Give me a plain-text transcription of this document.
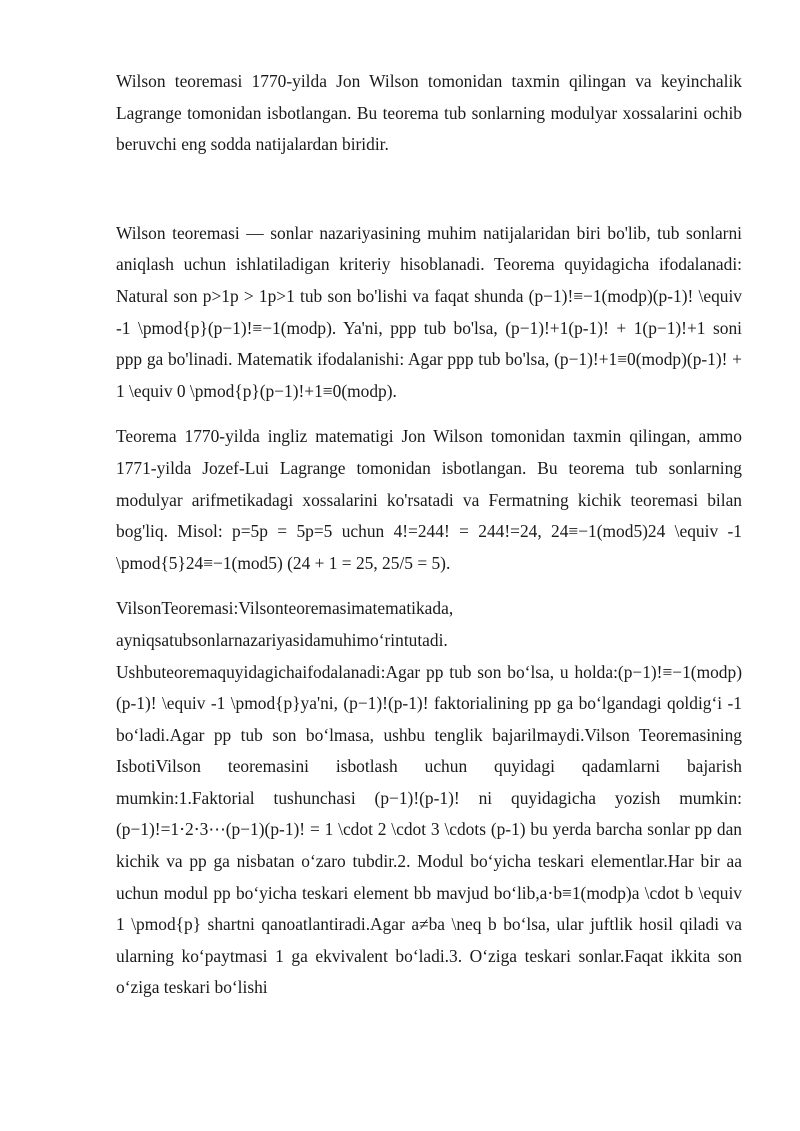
Wilson teoremasi 1770-yilda Jon Wilson tomonidan taxmin qilingan va keyinchalik Lagrange tomonidan isbotlangan. Bu teorema tub sonlarning modulyar xossalarini ochib beruvchi eng sodda natijalardan biridir.

Wilson teoremasi — sonlar nazariyasining muhim natijalaridan biri bo'lib, tub sonlarni aniqlash uchun ishlatiladigan kriteriy hisoblanadi. Teorema quyidagicha ifodalanadi: Natural son p>1p > 1p>1 tub son bo'lishi va faqat shunda (p−1)!≡−1(modp)(p-1)! \equiv -1 \pmod{p}(p−1)!≡−1(modp). Ya'ni, ppp tub bo'lsa, (p−1)!+1(p-1)! + 1(p−1)!+1 soni ppp ga bo'linadi. Matematik ifodalanishi: Agar ppp tub bo'lsa, (p−1)!+1≡0(modp)(p-1)! + 1 \equiv 0 \pmod{p}(p−1)!+1≡0(modp).

Teorema 1770-yilda ingliz matematigi Jon Wilson tomonidan taxmin qilingan, ammo 1771-yilda Jozef-Lui Lagrange tomonidan isbotlangan. Bu teorema tub sonlarning modulyar arifmetikadagi xossalarini ko'rsatadi va Fermatning kichik teoremasi bilan bog'liq. Misol: p=5p = 5p=5 uchun 4!=244! = 244!=24, 24≡−1(mod5)24 \equiv -1 \pmod{5}24≡−1(mod5) (24 + 1 = 25, 25/5 = 5).

VilsonTeoremasi:Vilsonteoremasimatematikada,
ayniqsatubsonlarnazariyasidamuhimo‘rintutadi.

Ushbuteoremaquyidagichaifodalanadi:Agar pp tub son bo‘lsa, u holda:(p−1)!≡−1(modp)(p-1)! \equiv -1 \pmod{p}ya'ni, (p−1)!(p-1)! faktorialining pp ga bo‘lgandagi qoldig‘i -1 bo‘ladi.Agar pp tub son bo‘lmasa, ushbu tenglik bajarilmaydi.Vilson Teoremasining IsbotiVilson teoremasini isbotlash uchun quyidagi qadamlarni bajarish mumkin:1.Faktorial tushunchasi (p−1)!(p-1)! ni quyidagicha yozish mumkin:(p−1)!=1⋅2⋅3⋯(p−1)(p-1)! = 1 \cdot 2 \cdot 3 \cdots (p-1) bu yerda barcha sonlar pp dan kichik va pp ga nisbatan o‘zaro tubdir.2. Modul bo‘yicha teskari elementlar.Har bir aa uchun modul pp bo‘yicha teskari element bb mavjud bo‘lib,a⋅b≡1(modp)a \cdot b \equiv 1 \pmod{p} shartni qanoatlantiradi.Agar a≠ba \neq b bo‘lsa, ular juftlik hosil qiladi va ularning ko‘paytmasi 1 ga ekvivalent bo‘ladi.3. O‘ziga teskari sonlar.Faqat ikkita son o‘ziga teskari bo‘lishi
